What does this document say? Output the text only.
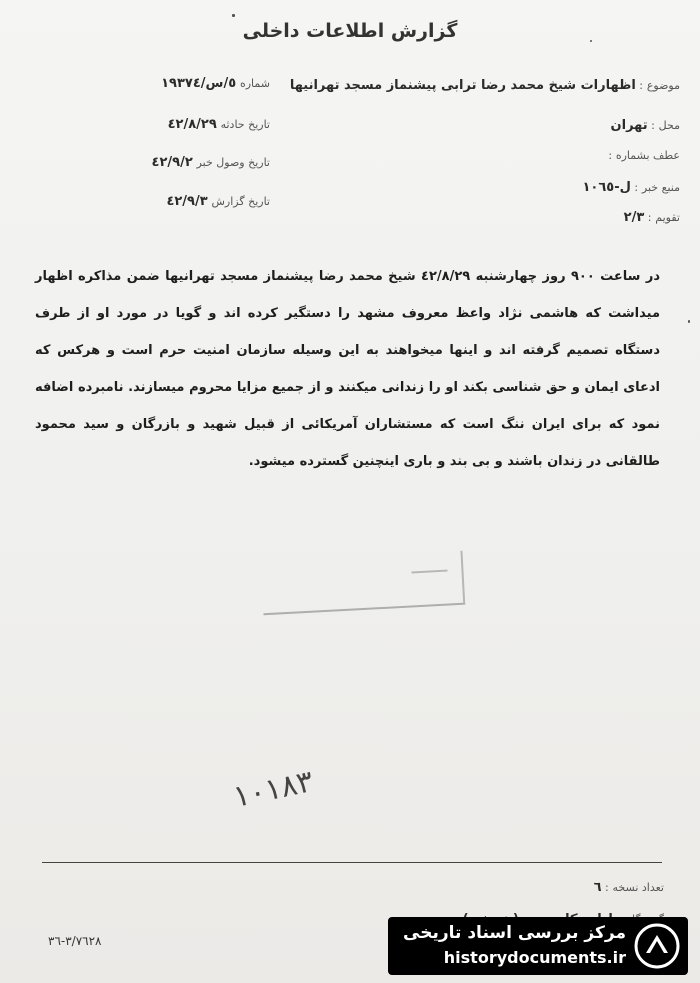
گزارش اطلاعات داخلی
موضوع : اظهارات شیخ محمد رضا ترابی پیشنماز مسجد تهرانیها
محل : تهران
عطف بشماره :
منبع خبر : ل-١٠٦٥
تقویم : ٢/٣
شماره ٥/س/١٩٣٧٤
تاریخ حادثه ٤٢/٨/٢٩
تاریخ وصول خبر ٤٢/٩/٢
تاریخ گزارش ٤٢/٩/٣
در ساعت ٩٠٠ روز چهارشنبه ٤٢/٨/٢٩ شیخ محمد رضا پیشنماز مسجد تهرانیها ضمن مذاکره اظهار میداشت که هاشمی نژاد واعظ معروف مشهد را دستگیر کرده اند و گویا در مورد او از طرف دستگاه تصمیم گرفته اند و اینها میخواهند به این وسیله سازمان امنیت حرم است و هرکس که ادعای ایمان و حق شناسی بکند او را زندانی میکنند و از جمیع مزایا محروم میسازند. نامبرده اضافه نمود که برای ایران ننگ است که مستشاران آمریکائی از قبیل شهید و بازرگان و سید محمود طالقانی در زندان باشند و بی بند و باری اینچنین گسترده میشود.
١٠١٨٣
تعداد نسخه : ٦
٣/٧٦٢٨-٣٦	مرکز بررسی اسناد تاریخی
historydocuments.ir
